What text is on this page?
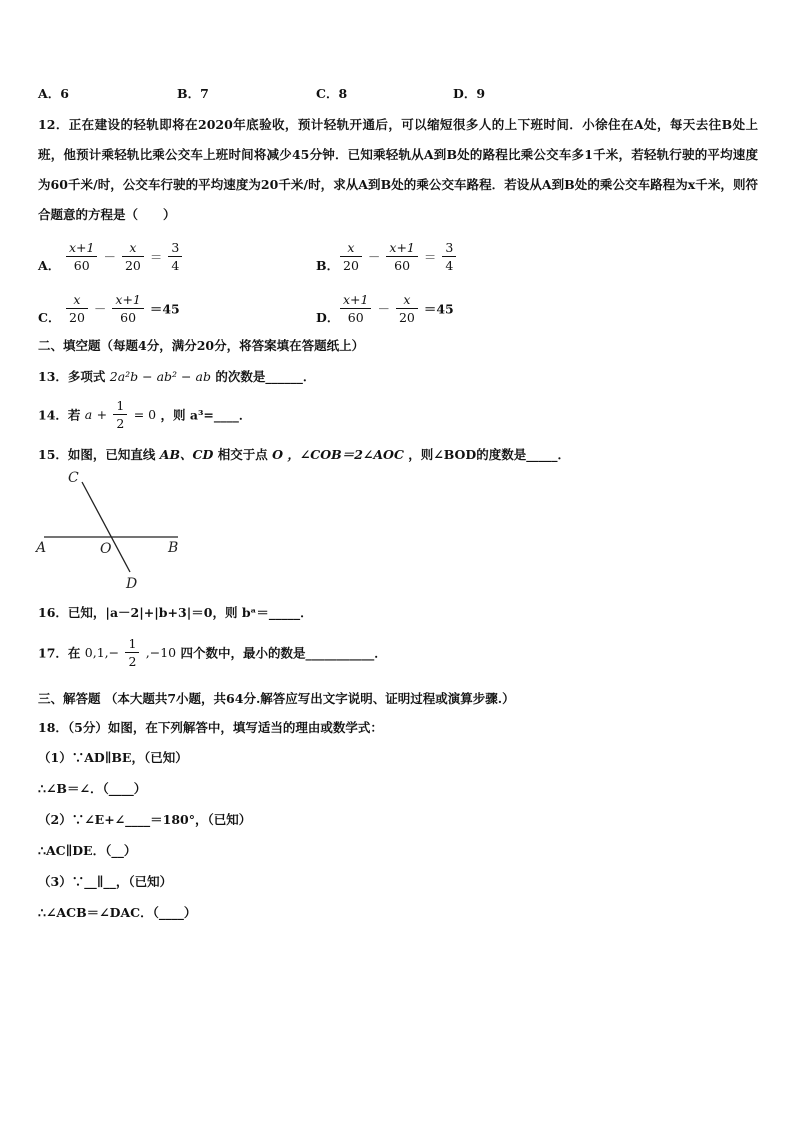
A．6	B．7	C．8	D．9
12．正在建设的轻轨即将在2020年底验收，预计轻轨开通后，可以缩短很多人的上下班时间．小徐住在A处，每天去往B处上班，他预计乘轻轨比乘公交车上班时间将减少45分钟．已知乘轻轨从A到B处的路程比乘公交车多1千米，若轻轨行驶的平均速度为60千米/时，公交车行驶的平均速度为20千米/时，求从A到B处的乘公交车路程．若设从A到B处的乘公交车路程为x千米，则符合题意的方程是（　　）
A． $\frac{x+1}{60} - \frac{x}{20} = \frac{3}{4}$	B． $\frac{x}{20} - \frac{x+1}{60} = \frac{3}{4}$
C． $\frac{x}{20} - \frac{x+1}{60} =45$
D． $\frac{x+1}{60} - \frac{x}{20} =45$
二、填空题（每题4分，满分20分，将答案填在答题纸上）
13．多项式 2a²b − ab² − ab 的次数是______．
14．若 $a + \frac{1}{2} = 0$ ，则 a³=____．
15．如图，已知直线 AB、CD 相交于点 O ，∠COB＝2∠AOC ，则∠BOD的度数是_____．
C
A	O	B
D
16．已知，|a－2|+|b+3|＝0，则 bᵃ＝_____．
17．在 $0,1,- \frac{1}{2} ,-10$ 四个数中，最小的数是___________．
三、解答题 （本大题共7小题，共64分.解答应写出文字说明、证明过程或演算步骤.）
18．（5分）如图，在下列解答中，填写适当的理由或数学式：
（1）∵AD∥BE，（已知）
∴∠B＝∠．（____）
（2）∵∠E+∠____＝180°，（已知）
∴AC∥DE．（__）
（3）∵__∥__，（已知）
∴∠ACB＝∠DAC．（____）
